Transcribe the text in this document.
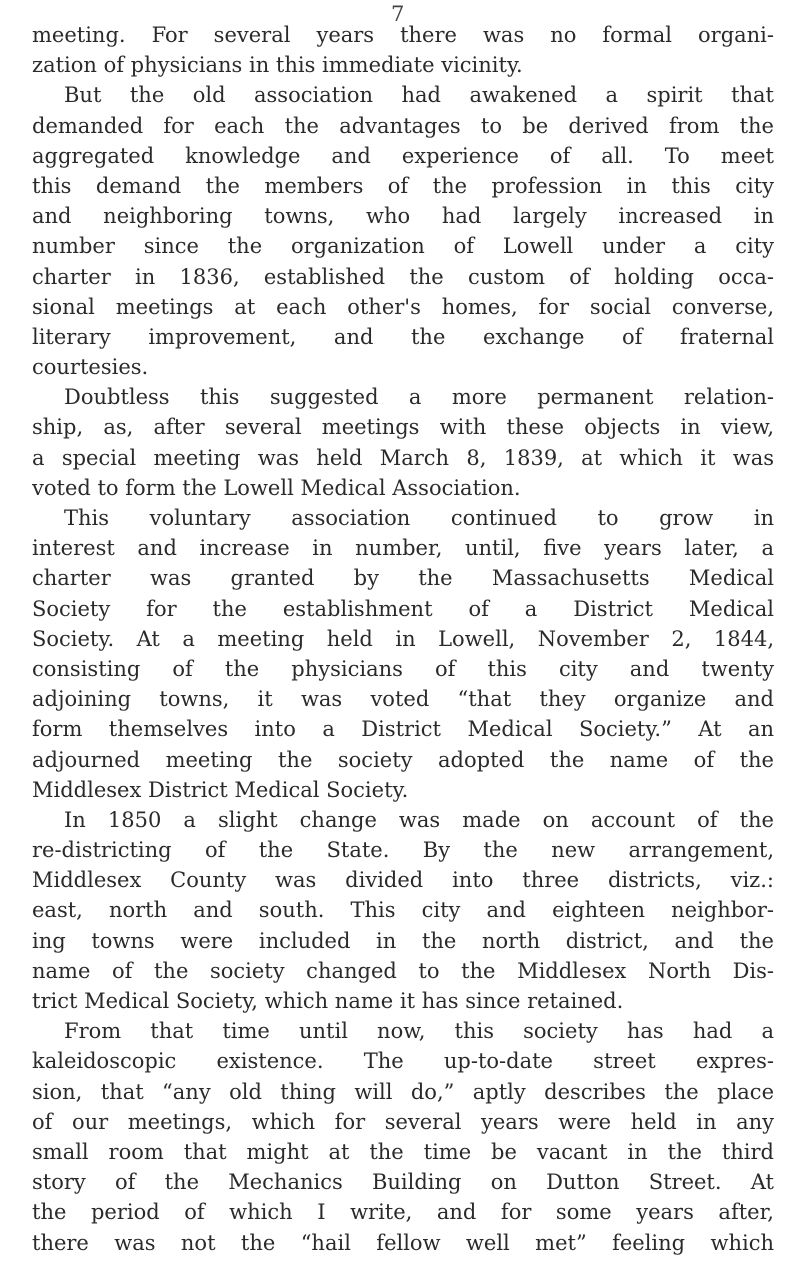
7
meeting. For several years there was no formal organi-
zation of physicians in this immediate vicinity.
But the old association had awakened a spirit that
demanded for each the advantages to be derived from the
aggregated knowledge and experience of all. To meet
this demand the members of the profession in this city
and neighboring towns, who had largely increased in
number since the organization of Lowell under a city
charter in 1836, established the custom of holding occa-
sional meetings at each other's homes, for social converse,
literary improvement, and the exchange of fraternal
courtesies.
Doubtless this suggested a more permanent relation-
ship, as, after several meetings with these objects in view,
a special meeting was held March 8, 1839, at which it was
voted to form the Lowell Medical Association.
This voluntary association continued to grow in
interest and increase in number, until, five years later, a
charter was granted by the Massachusetts Medical
Society for the establishment of a District Medical
Society. At a meeting held in Lowell, November 2, 1844,
consisting of the physicians of this city and twenty
adjoining towns, it was voted “that they organize and
form themselves into a District Medical Society.” At an
adjourned meeting the society adopted the name of the
Middlesex District Medical Society.
In 1850 a slight change was made on account of the
re-districting of the State. By the new arrangement,
Middlesex County was divided into three districts, viz.:
east, north and south. This city and eighteen neighbor-
ing towns were included in the north district, and the
name of the society changed to the Middlesex North Dis-
trict Medical Society, which name it has since retained.
From that time until now, this society has had a
kaleidoscopic existence. The up-to-date street expres-
sion, that “any old thing will do,” aptly describes the place
of our meetings, which for several years were held in any
small room that might at the time be vacant in the third
story of the Mechanics Building on Dutton Street. At
the period of which I write, and for some years after,
there was not the “hail fellow well met” feeling which
